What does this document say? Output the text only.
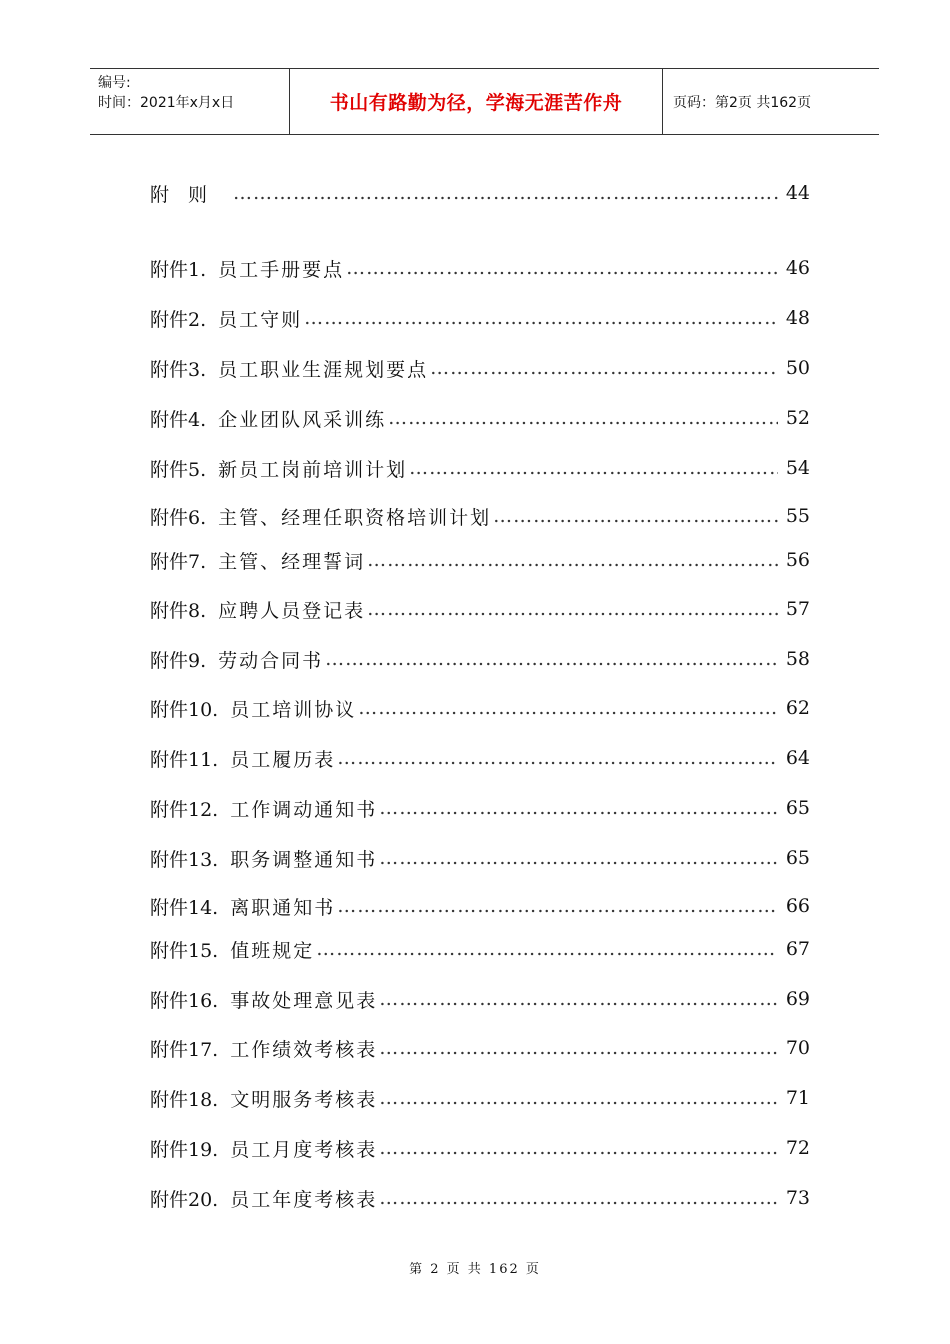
编号:
时间：2021年x月x日	书山有路勤为径，学海无涯苦作舟	页码：第2页 共162页
附　则 ……………………………………………………………………………………………………………………………………	44
附件1. 员工手册要点 ……………………………………………………………………………………………………………………………………	46
附件2. 员工守则 ……………………………………………………………………………………………………………………………………	48
附件3. 员工职业生涯规划要点 ……………………………………………………………………………………………………………………………………	50
附件4. 企业团队风采训练 ……………………………………………………………………………………………………………………………………	52
附件5. 新员工岗前培训计划 ……………………………………………………………………………………………………………………………………	54
附件6. 主管、经理任职资格培训计划 ……………………………………………………………………………………………………………………………………	55
附件7. 主管、经理誓词 ……………………………………………………………………………………………………………………………………	56
附件8. 应聘人员登记表 ……………………………………………………………………………………………………………………………………	57
附件9. 劳动合同书 ……………………………………………………………………………………………………………………………………	58
附件10. 员工培训协议 ……………………………………………………………………………………………………………………………………	62
附件11. 员工履历表 ……………………………………………………………………………………………………………………………………	64
附件12. 工作调动通知书 ……………………………………………………………………………………………………………………………………	65
附件13. 职务调整通知书 ……………………………………………………………………………………………………………………………………	65
附件14. 离职通知书 ……………………………………………………………………………………………………………………………………	66
附件15. 值班规定 ……………………………………………………………………………………………………………………………………	67
附件16. 事故处理意见表 ……………………………………………………………………………………………………………………………………	69
附件17. 工作绩效考核表 ……………………………………………………………………………………………………………………………………	70
附件18. 文明服务考核表 ……………………………………………………………………………………………………………………………………	71
附件19. 员工月度考核表 ……………………………………………………………………………………………………………………………………	72
附件20. 员工年度考核表 ……………………………………………………………………………………………………………………………………	73
第 2 页 共 162 页
